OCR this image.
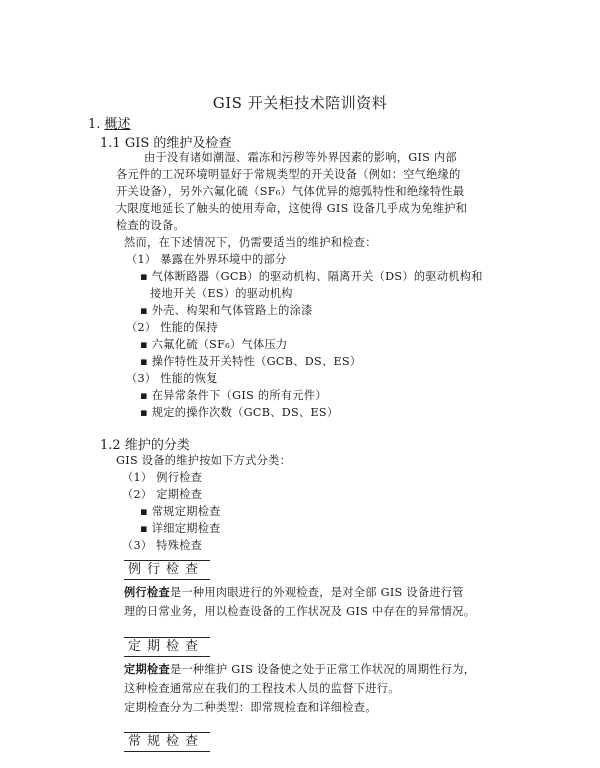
GIS 开关柜技术陪训资料
1. 概述
1.1 GIS 的维护及检查
由于没有诸如潮湿、霜冻和污秽等外界因素的影响，GIS 内部
各元件的工况环境明显好于常规类型的开关设备（例如：空气绝缘的
开关设备），另外六氟化硫（SF₆）气体优异的熄弧特性和绝缘特性最
大限度地延长了触头的使用寿命，这使得 GIS 设备几乎成为免维护和
检查的设备。
然而，在下述情况下，仍需要适当的维护和检查：
（1） 暴露在外界环境中的部分
▪ 气体断路器（GCB）的驱动机构、隔离开关（DS）的驱动机构和
接地开关（ES）的驱动机构
▪ 外壳、构架和气体管路上的涂漆
（2） 性能的保持
▪ 六氟化硫（SF₆）气体压力
▪ 操作特性及开关特性（GCB、DS、ES）
（3） 性能的恢复
▪ 在异常条件下（GIS 的所有元件）
▪ 规定的操作次数（GCB、DS、ES）
1.2 维护的分类
GIS 设备的维护按如下方式分类：
（1） 例行检查
（2） 定期检查
▪ 常规定期检查
▪ 详细定期检查
（3） 特殊检查
例行检查
例行检查是一种用肉眼进行的外观检查，是对全部 GIS 设备进行管
理的日常业务，用以检查设备的工作状况及 GIS 中存在的异常情况。
定期检查
定期检查是一种维护 GIS 设备使之处于正常工作状况的周期性行为，
这种检查通常应在我们的工程技术人员的监督下进行。
定期检查分为二种类型：即常规检查和详细检查。
常规检查
